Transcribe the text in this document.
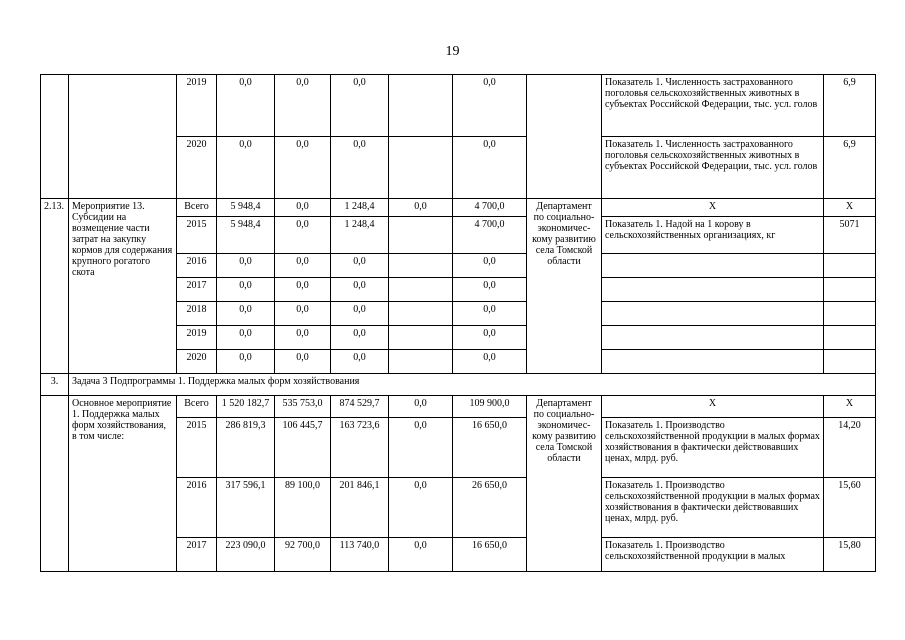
19
		2019	0,0	0,0	0,0		0,0		Показатель 1. Численность застрахованного поголовья сельскохозяйственных животных в субъектах Российской Федерации, тыс. усл. голов	6,9
		2020	0,0	0,0	0,0		0,0		Показатель 1. Численность застрахованного поголовья сельскохозяйственных животных в субъектах Российской Федерации, тыс. усл. голов	6,9
2.13.	Мероприятие 13. Субсидии на возмещение части затрат на закупку кормов для содержания крупного рогатого скота	Всего	5 948,4	0,0	1 248,4	0,0	4 700,0	Департамент по социально-экономичес-кому развитию села Томской области	X	X
		2015	5 948,4	0,0	1 248,4		4 700,0		Показатель 1. Надой на 1 корову в сельскохозяйственных организациях, кг	5071
		2016	0,0	0,0	0,0		0,0			
		2017	0,0	0,0	0,0		0,0			
		2018	0,0	0,0	0,0		0,0			
		2019	0,0	0,0	0,0		0,0			
		2020	0,0	0,0	0,0		0,0			
3.	Задача 3 Подпрограммы 1. Поддержка малых форм хозяйствования									
	Основное мероприятие 1. Поддержка малых форм хозяйствования, в том числе:	Всего	1 520 182,7	535 753,0	874 529,7	0,0	109 900,0	Департамент по социально-экономичес-кому развитию села Томской области	X	X
		2015	286 819,3	106 445,7	163 723,6	0,0	16 650,0		Показатель 1. Производство сельскохозяйственной продукции в малых формах хозяйствования в фактически действовавших ценах, млрд. руб.	14,20
		2016	317 596,1	89 100,0	201 846,1	0,0	26 650,0		Показатель 1. Производство сельскохозяйственной продукции в малых формах хозяйствования в фактически действовавших ценах, млрд. руб.	15,60
		2017	223 090,0	92 700,0	113 740,0	0,0	16 650,0		Показатель 1. Производство сельскохозяйственной продукции в малых	15,80
